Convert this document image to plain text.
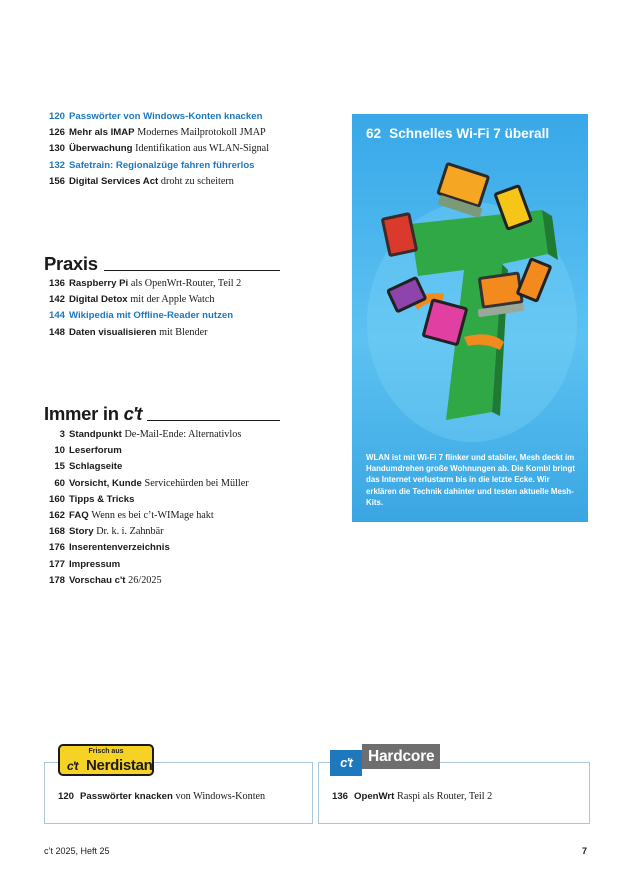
120 Passwörter von Windows-Konten knacken
126 Mehr als IMAP Modernes Mailprotokoll JMAP
130 Überwachung Identifikation aus WLAN-Signal
132 Safetrain: Regionalzüge fahren führerlos
156 Digital Services Act droht zu scheitern
Praxis
136 Raspberry Pi als OpenWrt-Router, Teil 2
142 Digital Detox mit der Apple Watch
144 Wikipedia mit Offline-Reader nutzen
148 Daten visualisieren mit Blender
Immer in c't
3 Standpunkt De-Mail-Ende: Alternativlos
10 Leserforum
15 Schlagseite
60 Vorsicht, Kunde Servicehürden bei Müller
160 Tipps & Tricks
162 FAQ Wenn es bei c’t-WIMage hakt
168 Story Dr. k. i. Zahnbär
176 Inserentenverzeichnis
177 Impressum
178 Vorschau c't 26/2025
62 Schnelles Wi-Fi 7 überall
WLAN ist mit Wi-Fi 7 flinker und stabiler, Mesh deckt im Handumdrehen große Wohnungen ab. Die Kombi bringt das Internet verlustarm bis in die letzte Ecke. Wir erklären die Technik dahinter und testen aktuelle Mesh-Kits.
120 Passwörter knacken von Windows-Konten
Frisch aus
c't Nerdistan
136 OpenWrt Raspi als Router, Teil 2
c't	Hardcore
c’t 2025, Heft 25	7
